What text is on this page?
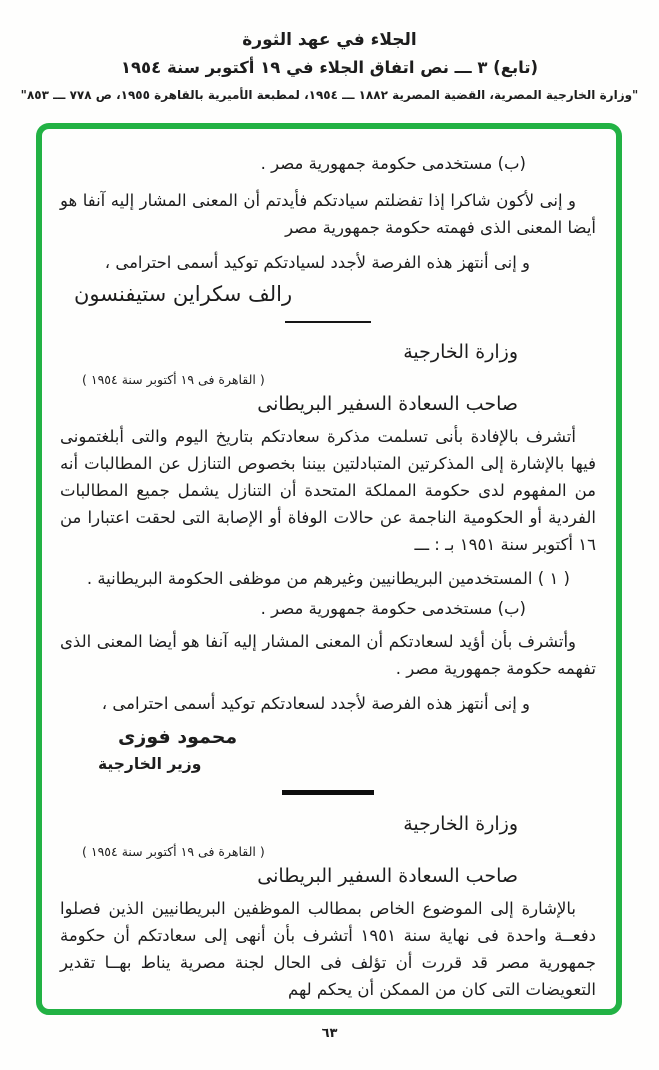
الجلاء في عهد الثورة
(تابع) ٣ ـــ نص اتفاق الجلاء في ١٩ أكتوبر سنة ١٩٥٤
"وزارة الخارجية المصرية، القضية المصرية ١٨٨٢ ـــ ١٩٥٤، لمطبعة الأميرية بالقاهرة ١٩٥٥، ص ٧٧٨ ـــ ٨٥٣"
(ب) مستخدمى حكومة جمهورية مصر .

و إنى لأكون شاكرا إذا تفضلتم سيادتكم فأيدتم أن المعنى المشار إليه آنفا هو أيضا المعنى الذى فهمته حكومة جمهورية مصر

و إنى أنتهز هذه الفرصة لأجدد لسيادتكم توكيد أسمى احترامى ،
رالف سكراين ستيفنسون
وزارة الخارجية
( القاهرة فى ١٩ أكتوبر سنة ١٩٥٤ )
صاحب السعادة السفير البريطانى

أتشرف بالإفادة بأنى تسلمت مذكرة سعادتكم بتاريخ اليوم والتى أبلغتمونى فيها بالإشارة إلى المذكرتين المتبادلتين بيننا بخصوص التنازل عن المطالبات أنه من المفهوم لدى حكومة المملكة المتحدة أن التنازل يشمل جميع المطالبات الفردية أو الحكومية الناجمة عن حالات الوفاة أو الإصابة التى لحقت اعتبارا من ١٦ أكتوبر سنة ١٩٥١ بـ : ـــ

( ١ ) المستخدمين البريطانيين وغيرهم من موظفى الحكومة البريطانية .
(ب) مستخدمى حكومة جمهورية مصر .

وأتشرف بأن أؤيد لسعادتكم أن المعنى المشار إليه آنفا هو أيضا المعنى الذى تفهمه حكومة جمهورية مصر .

و إنى أنتهز هذه الفرصة لأجدد لسعادتكم توكيد أسمى احترامى ،
محمود فوزى
وزير الخارجية
وزارة الخارجية
( القاهرة فى ١٩ أكتوبر سنة ١٩٥٤ )
صاحب السعادة السفير البريطانى

بالإشارة إلى الموضوع الخاص بمطالب الموظفين البريطانيين الذين فصلوا دفعــة واحدة فى نهاية سنة ١٩٥١ أتشرف بأن أنهى إلى سعادتكم أن حكومة جمهورية مصر قد قررت أن تؤلف فى الحال لجنة مصرية يناط بهــا تقدير التعويضات التى كان من الممكن أن يحكم لهم

٦٣
